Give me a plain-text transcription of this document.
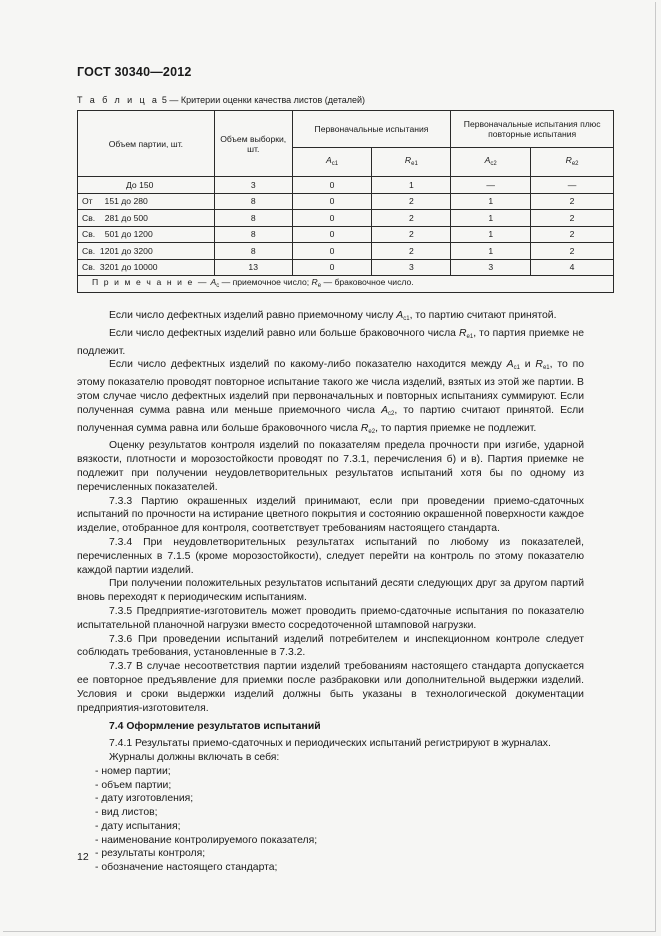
ГОСТ 30340—2012
Т а б л и ц а 5 — Критерии оценки качества листов (деталей)
Объем партии, шт.	Объем выборки, шт.	Первоначальные испытания		Первоначальные испытания плюс повторные испытания	
		$A_{c1}$	$R_{e1}$	$A_{c2}$	$R_{e2}$
До 150	3	0	1	—	—
От     151 до 280	8	0	2	1	2
Св.    281 до 500	8	0	2	1	2
Св.    501 до 1200	8	0	2	1	2
Св.  1201 до 3200	8	0	2	1	2
Св.  3201 до 10000	13	0	3	3	4
П р и м е ч а н и е — $A_c$ — приемочное число; $R_e$ — браковочное число.					

Если число дефектных изделий равно приемочному числу $A_{c1}$, то партию считают принятой.

Если число дефектных изделий равно или больше браковочного числа $R_{e1}$, то партия приемке не подлежит.

Если число дефектных изделий по какому-либо показателю находится между $A_{c1}$ и $R_{e1}$, то по этому показателю проводят повторное испытание такого же числа изделий, взятых из этой же партии. В этом случае число дефектных изделий при первоначальных и повторных испытаниях суммируют. Если полученная сумма равна или меньше приемочного числа $A_{c2}$, то партию считают принятой. Если полученная сумма равна или больше браковочного числа $R_{e2}$, то партия приемке не подлежит.

Оценку результатов контроля изделий по показателям предела прочности при изгибе, ударной вязкости, плотности и морозостойкости проводят по 7.3.1, перечисления б) и в). Партия приемке не подлежит при получении неудовлетворительных результатов испытаний хотя бы по одному из перечисленных показателей.

7.3.3 Партию окрашенных изделий принимают, если при проведении приемо-сдаточных испытаний по прочности на истирание цветного покрытия и состоянию окрашенной поверхности каждое изделие, отобранное для контроля, соответствует требованиям настоящего стандарта.

7.3.4 При неудовлетворительных результатах испытаний по любому из показателей, перечисленных в 7.1.5 (кроме морозостойкости), следует перейти на контроль по этому показателю каждой партии изделий.

При получении положительных результатов испытаний десяти следующих друг за другом партий вновь переходят к периодическим испытаниям.

7.3.5 Предприятие-изготовитель может проводить приемо-сдаточные испытания по показателю испытательной планочной нагрузки вместо сосредоточенной штамповой нагрузки.

7.3.6 При проведении испытаний изделий потребителем и инспекционном контроле следует соблюдать требования, установленные в 7.3.2.

7.3.7 В случае несоответствия партии изделий требованиям настоящего стандарта допускается ее повторное предъявление для приемки после разбраковки или дополнительной выдержки изделий. Условия и сроки выдержки изделий должны быть указаны в технологической документации предприятия-изготовителя.

7.4 Оформление результатов испытаний

7.4.1 Результаты приемо-сдаточных и периодических испытаний регистрируют в журналах.

Журналы должны включать в себя:

- номер партии;

- объем партии;

- дату изготовления;

- вид листов;

- дату испытания;

- наименование контролируемого показателя;

- результаты контроля;

- обозначение настоящего стандарта;

12
